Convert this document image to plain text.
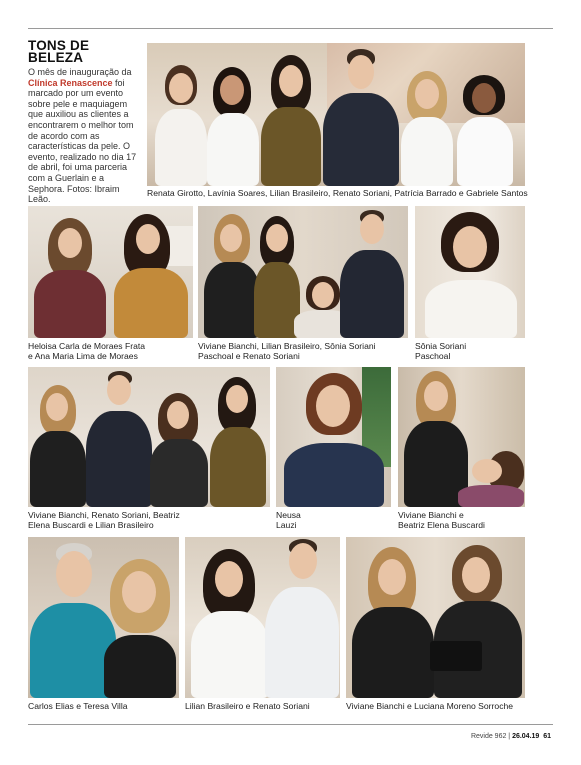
TONS DE
BELEZA

O mês de inauguração da Clínica Renascence foi marcado por um evento sobre pele e maquiagem que auxiliou as clientes a encontrarem o melhor tom de acordo com as características da pele. O evento, realizado no dia 17 de abril, foi uma parceria com a Guerlain e a Sephora. Fotos: Ibraim Leão.

Renata Girotto, Lavínia Soares, Lilian Brasileiro, Renato Soriani, Patrícia Barrado e Gabriele Santos
Heloisa Carla de Moraes Frata
e Ana Maria Lima de Moraes
Viviane Bianchi, Lilian Brasileiro, Sônia Soriani
Paschoal e Renato Soriani
Sônia Soriani
Paschoal
Viviane Bianchi, Renato Soriani, Beatriz
Elena Buscardi e Lilian Brasileiro
Neusa
Lauzi
Viviane Bianchi e
Beatriz Elena Buscardi
Carlos Elias e Teresa Villa	Lilian Brasileiro e Renato Soriani	Viviane Bianchi e Luciana Moreno Sorroche
Revide 962 | 26.04.19 61
